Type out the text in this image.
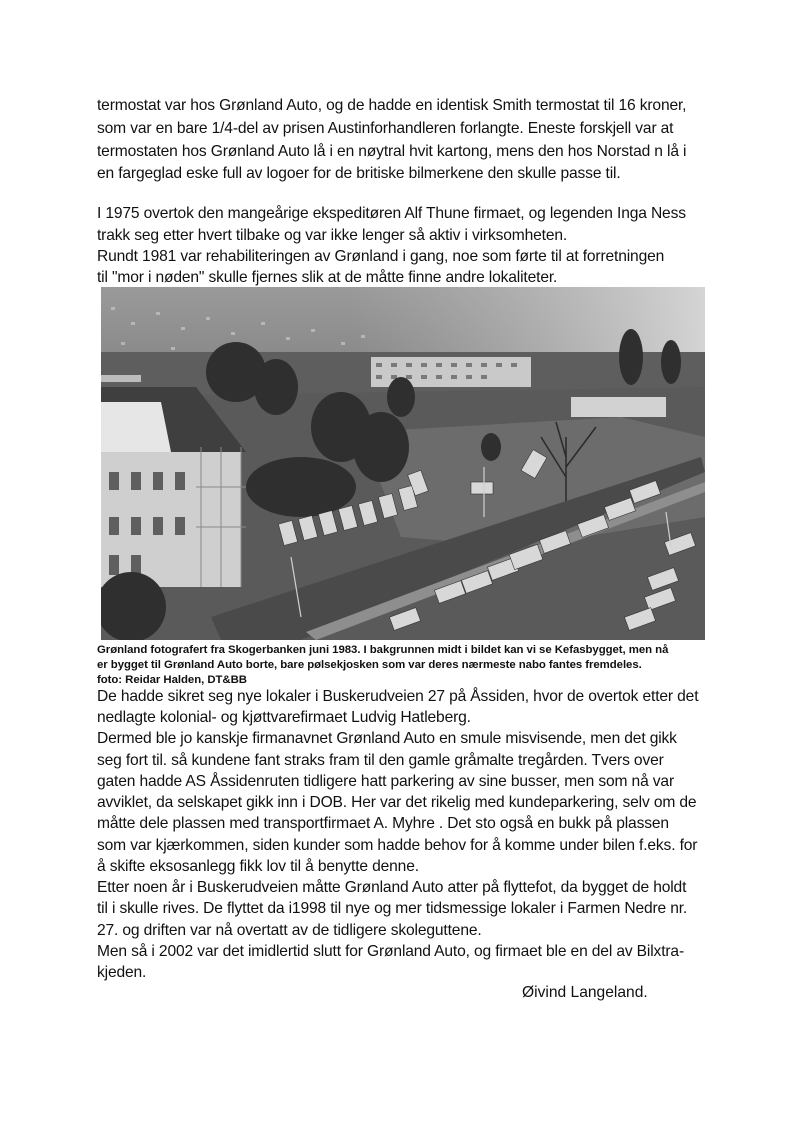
termostat var hos Grønland Auto, og de hadde en identisk Smith termostat til 16 kroner,
som var en bare 1/4-del av prisen Austinforhandleren forlangte. Eneste forskjell var at
termostaten hos Grønland Auto lå i en nøytral hvit kartong, mens den hos Norstad n lå i
en fargeglad eske full av logoer for de britiske bilmerkene den skulle passe til.
I 1975 overtok den mangeårige ekspeditøren Alf Thune firmaet, og legenden Inga Ness
trakk seg etter hvert tilbake og var ikke lenger så aktiv i virksomheten.
Rundt 1981 var rehabiliteringen av Grønland i gang, noe som førte til at forretningen
til "mor i nøden" skulle fjernes slik at de måtte finne andre lokaliteter.
Grønland fotografert fra Skogerbanken juni 1983. I bakgrunnen midt i bildet kan vi se Kefasbygget, men nå
er bygget til Grønland Auto borte, bare pølsekjosken som var deres nærmeste nabo fantes fremdeles.
foto: Reidar Halden, DT&BB
De hadde sikret seg nye lokaler i Buskerudveien 27 på Åssiden, hvor de overtok etter det
nedlagte kolonial- og kjøttvarefirmaet Ludvig Hatleberg.
Dermed ble jo kanskje firmanavnet Grønland Auto en smule misvisende, men det gikk
seg fort til. så kundene fant straks fram til den gamle gråmalte tregården. Tvers over
gaten hadde AS Åssidenruten tidligere hatt parkering av sine busser, men som nå var
avviklet, da selskapet gikk inn i DOB. Her var det rikelig med kundeparkering, selv om de
måtte dele plassen med transportfirmaet A. Myhre . Det sto også en bukk på plassen
som var kjærkommen, siden kunder som hadde behov for å komme under bilen f.eks. for
å skifte eksosanlegg fikk lov til å benytte denne.
Etter noen år i Buskerudveien måtte Grønland Auto atter på flyttefot, da bygget de holdt
til i skulle rives. De flyttet da i1998 til nye og mer tidsmessige lokaler i Farmen Nedre nr.
27. og driften var nå overtatt av de tidligere skoleguttene.
Men så i 2002 var det imidlertid slutt for Grønland Auto, og firmaet ble en del av Bilxtra-
kjeden.
Øivind Langeland.
